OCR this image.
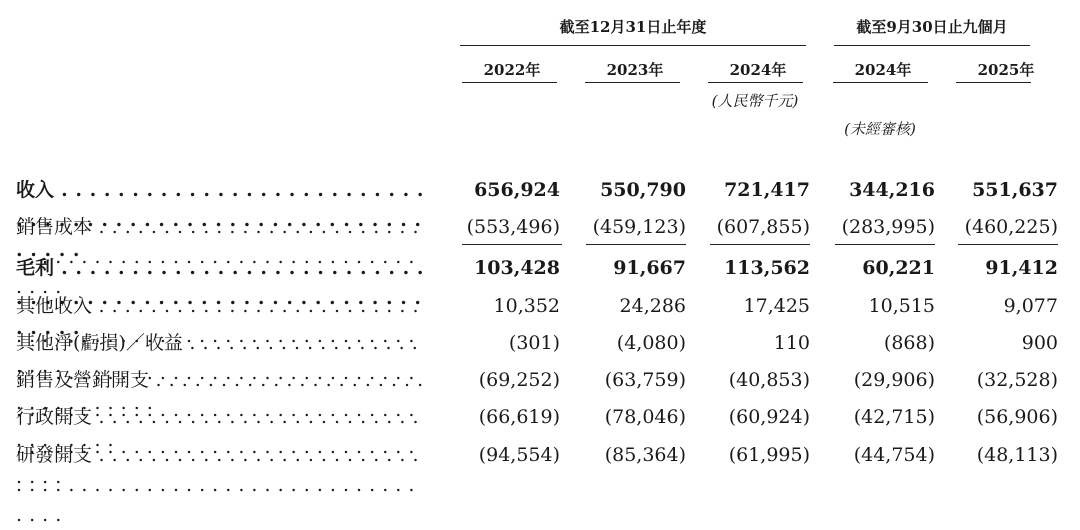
截至12月31日止年度	截至9月30日止九個月
2022年	2023年	2024年	2024年	2025年
(人民幣千元)
(未經審核)
收入 . . .	656,924	550,790	721,417	344,216	551,637
銷售成本 . . .	(553,496)	(459,123)	(607,855)	(283,995)	(460,225)
毛利 . . .	103,428	91,667	113,562	60,221	91,412
其他收入 . . .	10,352	24,286	17,425	10,515	9,077
其他淨(虧損)／收益 . . .	(301)	(4,080)	110	(868)	900
銷售及營銷開支 . . .	(69,252)	(63,759)	(40,853)	(29,906)	(32,528)
行政開支 . . .	(66,619)	(78,046)	(60,924)	(42,715)	(56,906)
研發開支 . . .	(94,554)	(85,364)	(61,995)	(44,754)	(48,113)
